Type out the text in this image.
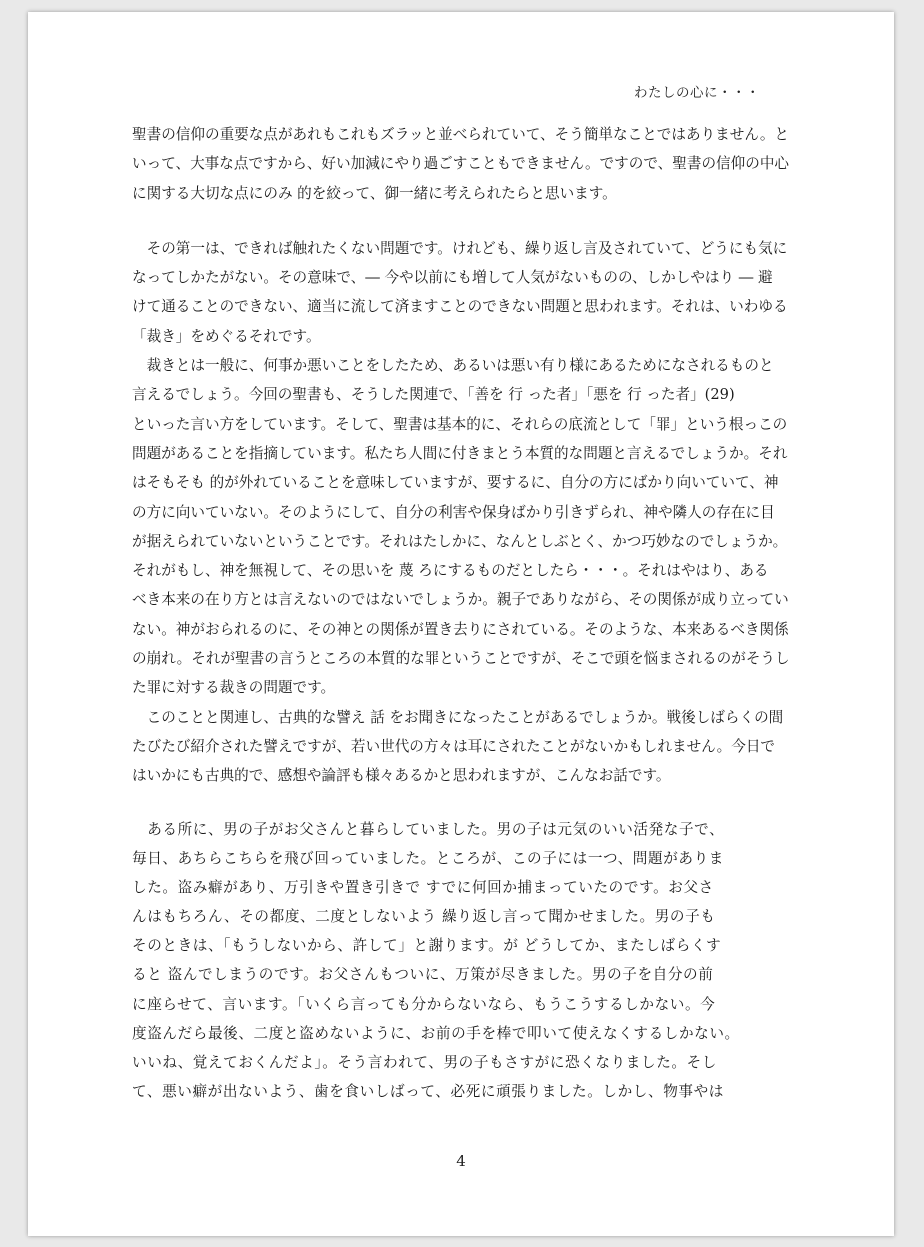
わたしの心に・・・
聖書の信仰の重要な点があれもこれもズラッと並べられていて、そう簡単なことではありません。と
いって、大事な点ですから、好い加減にやり過ごすこともできません。ですので、聖書の信仰の中心
に関する大切な点にのみ 的を絞って、御一緒に考えられたらと思います。
　その第一は、できれば触れたくない問題です。けれども、繰り返し言及されていて、どうにも気に
なってしかたがない。その意味で、― 今や以前にも増して人気がないものの、しかしやはり ― 避
けて通ることのできない、適当に流して済ますことのできない問題と思われます。それは、いわゆる
「裁き」をめぐるそれです。
　裁きとは一般に、何事か悪いことをしたため、あるいは悪い有り様にあるためになされるものと
言えるでしょう。今回の聖書も、そうした関連で、「善を 行 った者」「悪を 行 った者」(29)
といった言い方をしています。そして、聖書は基本的に、それらの底流として「罪」という根っこの
問題があることを指摘しています。私たち人間に付きまとう本質的な問題と言えるでしょうか。それ
はそもそも 的が外れていることを意味していますが、要するに、自分の方にばかり向いていて、神
の方に向いていない。そのようにして、自分の利害や保身ばかり引きずられ、神や隣人の存在に目
が据えられていないということです。それはたしかに、なんとしぶとく、かつ巧妙なのでしょうか。
それがもし、神を無視して、その思いを 蔑 ろにするものだとしたら・・・。それはやはり、ある
べき本来の在り方とは言えないのではないでしょうか。親子でありながら、その関係が成り立ってい
ない。神がおられるのに、その神との関係が置き去りにされている。そのような、本来あるべき関係
の崩れ。それが聖書の言うところの本質的な罪ということですが、そこで頭を悩まされるのがそうし
た罪に対する裁きの問題です。
　このことと関連し、古典的な譬え 話 をお聞きになったことがあるでしょうか。戦後しばらくの間
たびたび紹介された譬えですが、若い世代の方々は耳にされたことがないかもしれません。今日で
はいかにも古典的で、感想や論評も様々あるかと思われますが、こんなお話です。
　ある所に、男の子がお父さんと暮らしていました。男の子は元気のいい活発な子で、
毎日、あちらこちらを飛び回っていました。ところが、この子には一つ、問題がありま
した。盗み癖があり、万引きや置き引きで すでに何回か捕まっていたのです。お父さ
んはもちろん、その都度、二度としないよう 繰り返し言って聞かせました。男の子も
そのときは、「もうしないから、許して」と謝ります。が どうしてか、またしばらくす
ると 盗んでしまうのです。お父さんもついに、万策が尽きました。男の子を自分の前
に座らせて、言います。「いくら言っても分からないなら、もうこうするしかない。今
度盗んだら最後、二度と盗めないように、お前の手を棒で叩いて使えなくするしかない。
いいね、覚えておくんだよ」。そう言われて、男の子もさすがに恐くなりました。そし
て、悪い癖が出ないよう、歯を食いしばって、必死に頑張りました。しかし、物事やは
4
